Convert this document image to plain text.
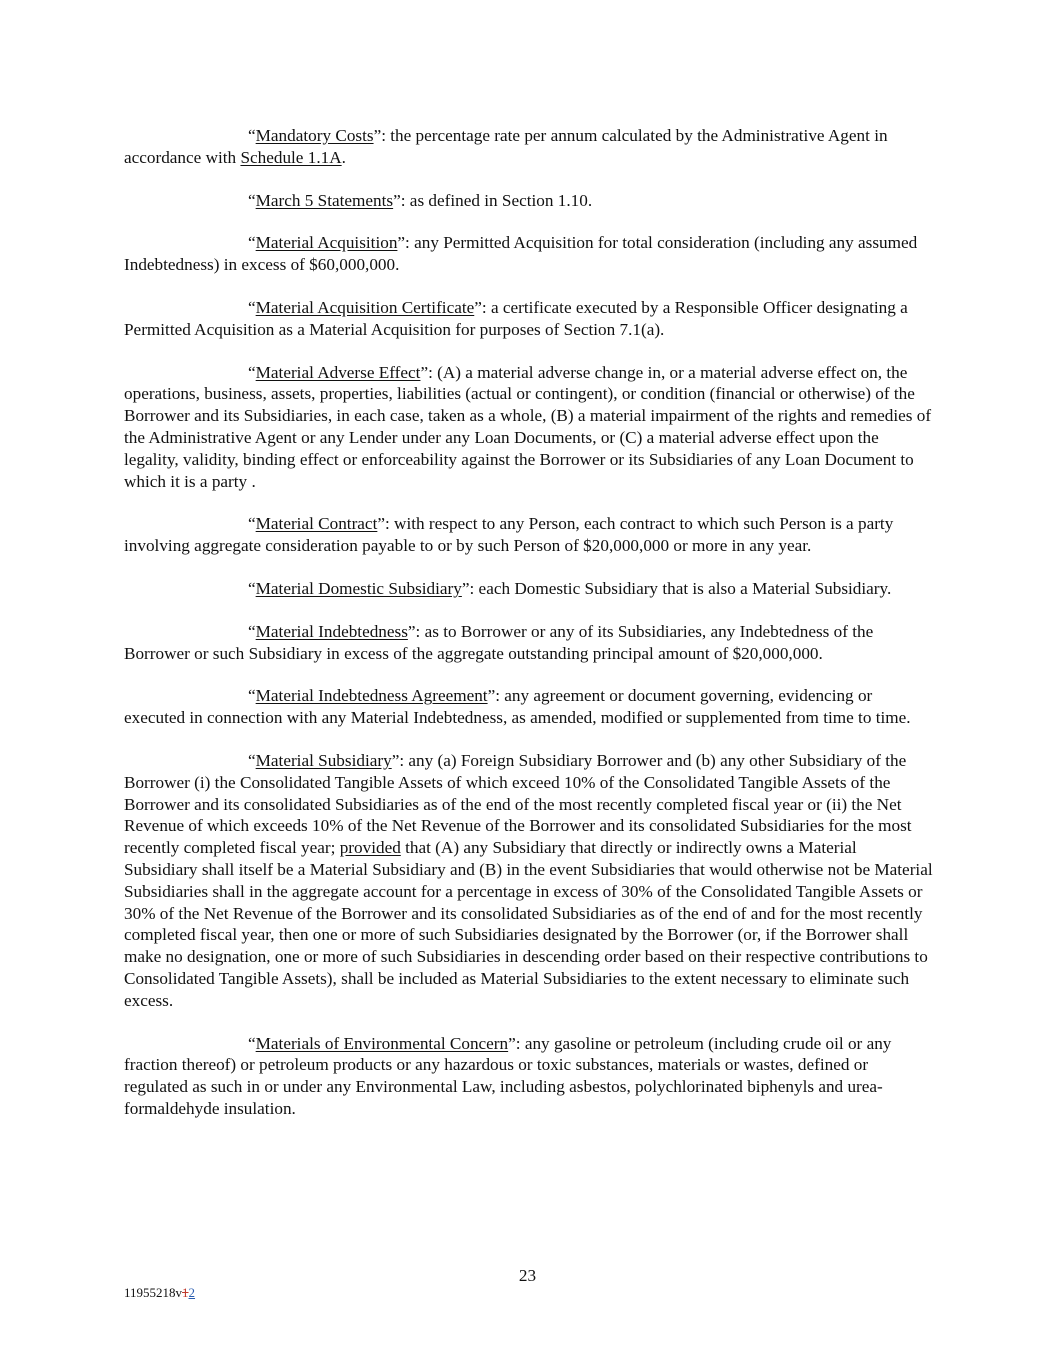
“Mandatory Costs”: the percentage rate per annum calculated by the Administrative Agent in accordance with Schedule 1.1A.

“March 5 Statements”: as defined in Section 1.10.

“Material Acquisition”: any Permitted Acquisition for total consideration (including any assumed Indebtedness) in excess of $60,000,000.

“Material Acquisition Certificate”: a certificate executed by a Responsible Officer designating a Permitted Acquisition as a Material Acquisition for purposes of Section 7.1(a).

“Material Adverse Effect”: (A) a material adverse change in, or a material adverse effect on, the operations, business, assets, properties, liabilities (actual or contingent), or condition (financial or otherwise) of the Borrower and its Subsidiaries, in each case, taken as a whole, (B) a material impairment of the rights and remedies of the Administrative Agent or any Lender under any Loan Documents, or (C) a material adverse effect upon the legality, validity, binding effect or enforceability against the Borrower or its Subsidiaries of any Loan Document to which it is a party .

“Material Contract”: with respect to any Person, each contract to which such Person is a party involving aggregate consideration payable to or by such Person of $20,000,000 or more in any year.

“Material Domestic Subsidiary”: each Domestic Subsidiary that is also a Material Subsidiary.

“Material Indebtedness”: as to Borrower or any of its Subsidiaries, any Indebtedness of the Borrower or such Subsidiary in excess of the aggregate outstanding principal amount of $20,000,000.

“Material Indebtedness Agreement”: any agreement or document governing, evidencing or executed in connection with any Material Indebtedness, as amended, modified or supplemented from time to time.

“Material Subsidiary”: any (a) Foreign Subsidiary Borrower and (b) any other Subsidiary of the Borrower (i) the Consolidated Tangible Assets of which exceed 10% of the Consolidated Tangible Assets of the Borrower and its consolidated Subsidiaries as of the end of the most recently completed fiscal year or (ii) the Net Revenue of which exceeds 10% of the Net Revenue of the Borrower and its consolidated Subsidiaries for the most recently completed fiscal year; provided that (A) any Subsidiary that directly or indirectly owns a Material Subsidiary shall itself be a Material Subsidiary and (B) in the event Subsidiaries that would otherwise not be Material Subsidiaries shall in the aggregate account for a percentage in excess of 30% of the Consolidated Tangible Assets or 30% of the Net Revenue of the Borrower and its consolidated Subsidiaries as of the end of and for the most recently completed fiscal year, then one or more of such Subsidiaries designated by the Borrower (or, if the Borrower shall make no designation, one or more of such Subsidiaries in descending order based on their respective contributions to Consolidated Tangible Assets), shall be included as Material Subsidiaries to the extent necessary to eliminate such excess.

“Materials of Environmental Concern”: any gasoline or petroleum (including crude oil or any fraction thereof) or petroleum products or any hazardous or toxic substances, materials or wastes, defined or regulated as such in or under any Environmental Law, including asbestos, polychlorinated biphenyls and urea-formaldehyde insulation.

23
11955218v12
